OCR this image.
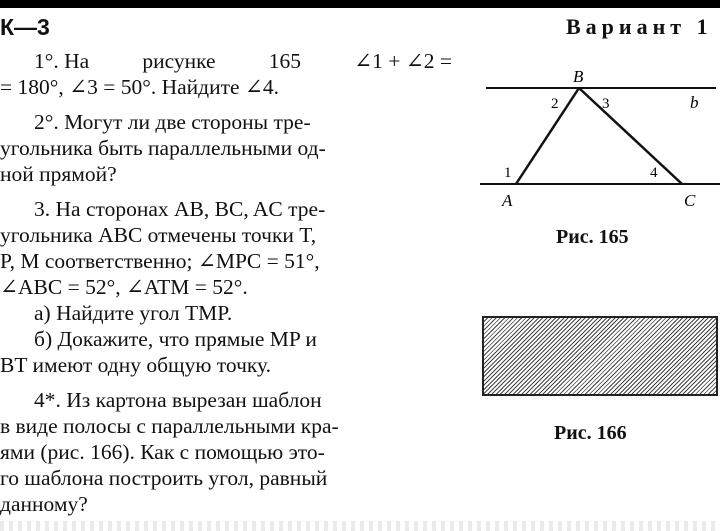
К—3	Вариант 1
1°. На рисунке 165 ∠1 + ∠2 =
= 180°, ∠3 = 50°. Найдите ∠4.
2°. Могут ли две стороны тре-
угольника быть параллельными од-
ной прямой?
3. На сторонах AB, BC, AC тре-
угольника ABC отмечены точки T,
P, M соответственно; ∠MPC = 51°,
∠ABC = 52°, ∠ATM = 52°.
а) Найдите угол TMP.
б) Докажите, что прямые MP и
BT имеют одну общую точку.
4*. Из картона вырезан шаблон
в виде полосы с параллельными кра-
ями (рис. 166). Как с помощью это-
го шаблона построить угол, равный
данному?
B
A	C
b
1
2	3
4
Рис. 165
Рис. 166
